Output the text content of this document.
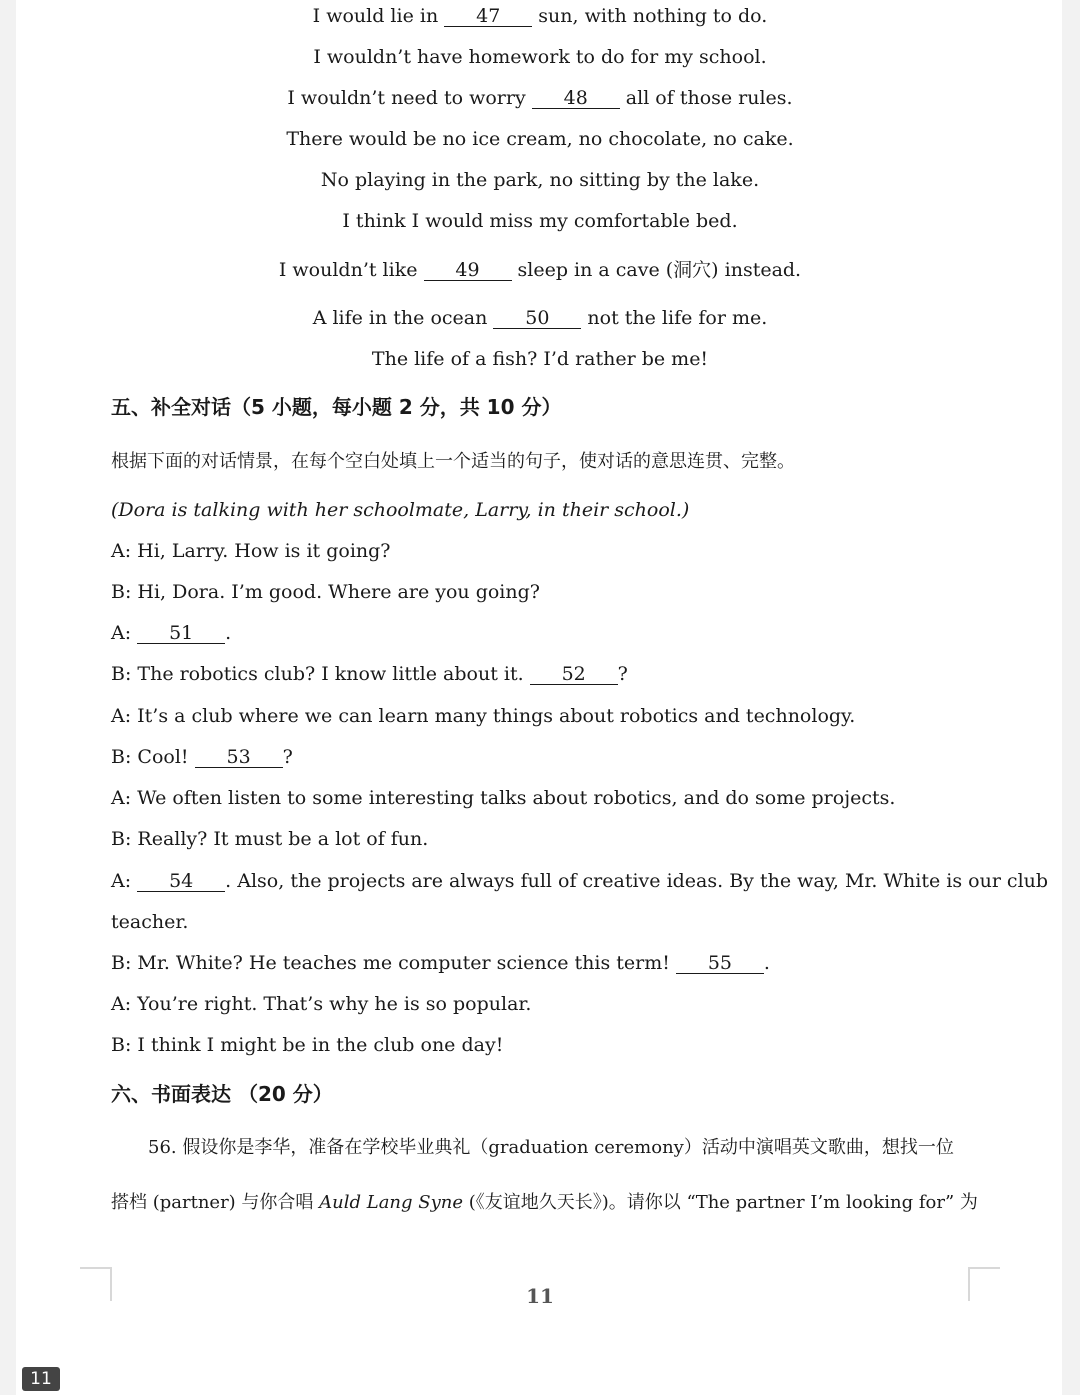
I would lie in 47 sun, with nothing to do.
I wouldn’t have homework to do for my school.
I wouldn’t need to worry 48 all of those rules.
There would be no ice cream, no chocolate, no cake.
No playing in the park, no sitting by the lake.
I think I would miss my comfortable bed.
I wouldn’t like 49 sleep in a cave (洞穴) instead.
A life in the ocean 50 not the life for me.
The life of a fish? I’d rather be me!
五、补全对话（5 小题，每小题 2 分，共 10 分）
根据下面的对话情景，在每个空白处填上一个适当的句子，使对话的意思连贯、完整。
(Dora is talking with her schoolmate, Larry, in their school.)
A: Hi, Larry. How is it going?
B: Hi, Dora. I’m good. Where are you going?
A: 51 .
B: The robotics club? I know little about it. 52 ?
A: It’s a club where we can learn many things about robotics and technology.
B: Cool! 53 ?
A: We often listen to some interesting talks about robotics, and do some projects.
B: Really? It must be a lot of fun.
A: 54 . Also, the projects are always full of creative ideas. By the way, Mr. White is our club
teacher.
B: Mr. White? He teaches me computer science this term! 55 .
A: You’re right. That’s why he is so popular.
B: I think I might be in the club one day!
六、书面表达 （20 分）
56. 假设你是李华，准备在学校毕业典礼（graduation ceremony）活动中演唱英文歌曲，想找一位
搭档 (partner) 与你合唱 Auld Lang Syne (《友谊地久天长》)。请你以 “The partner I’m looking for” 为
11
11
